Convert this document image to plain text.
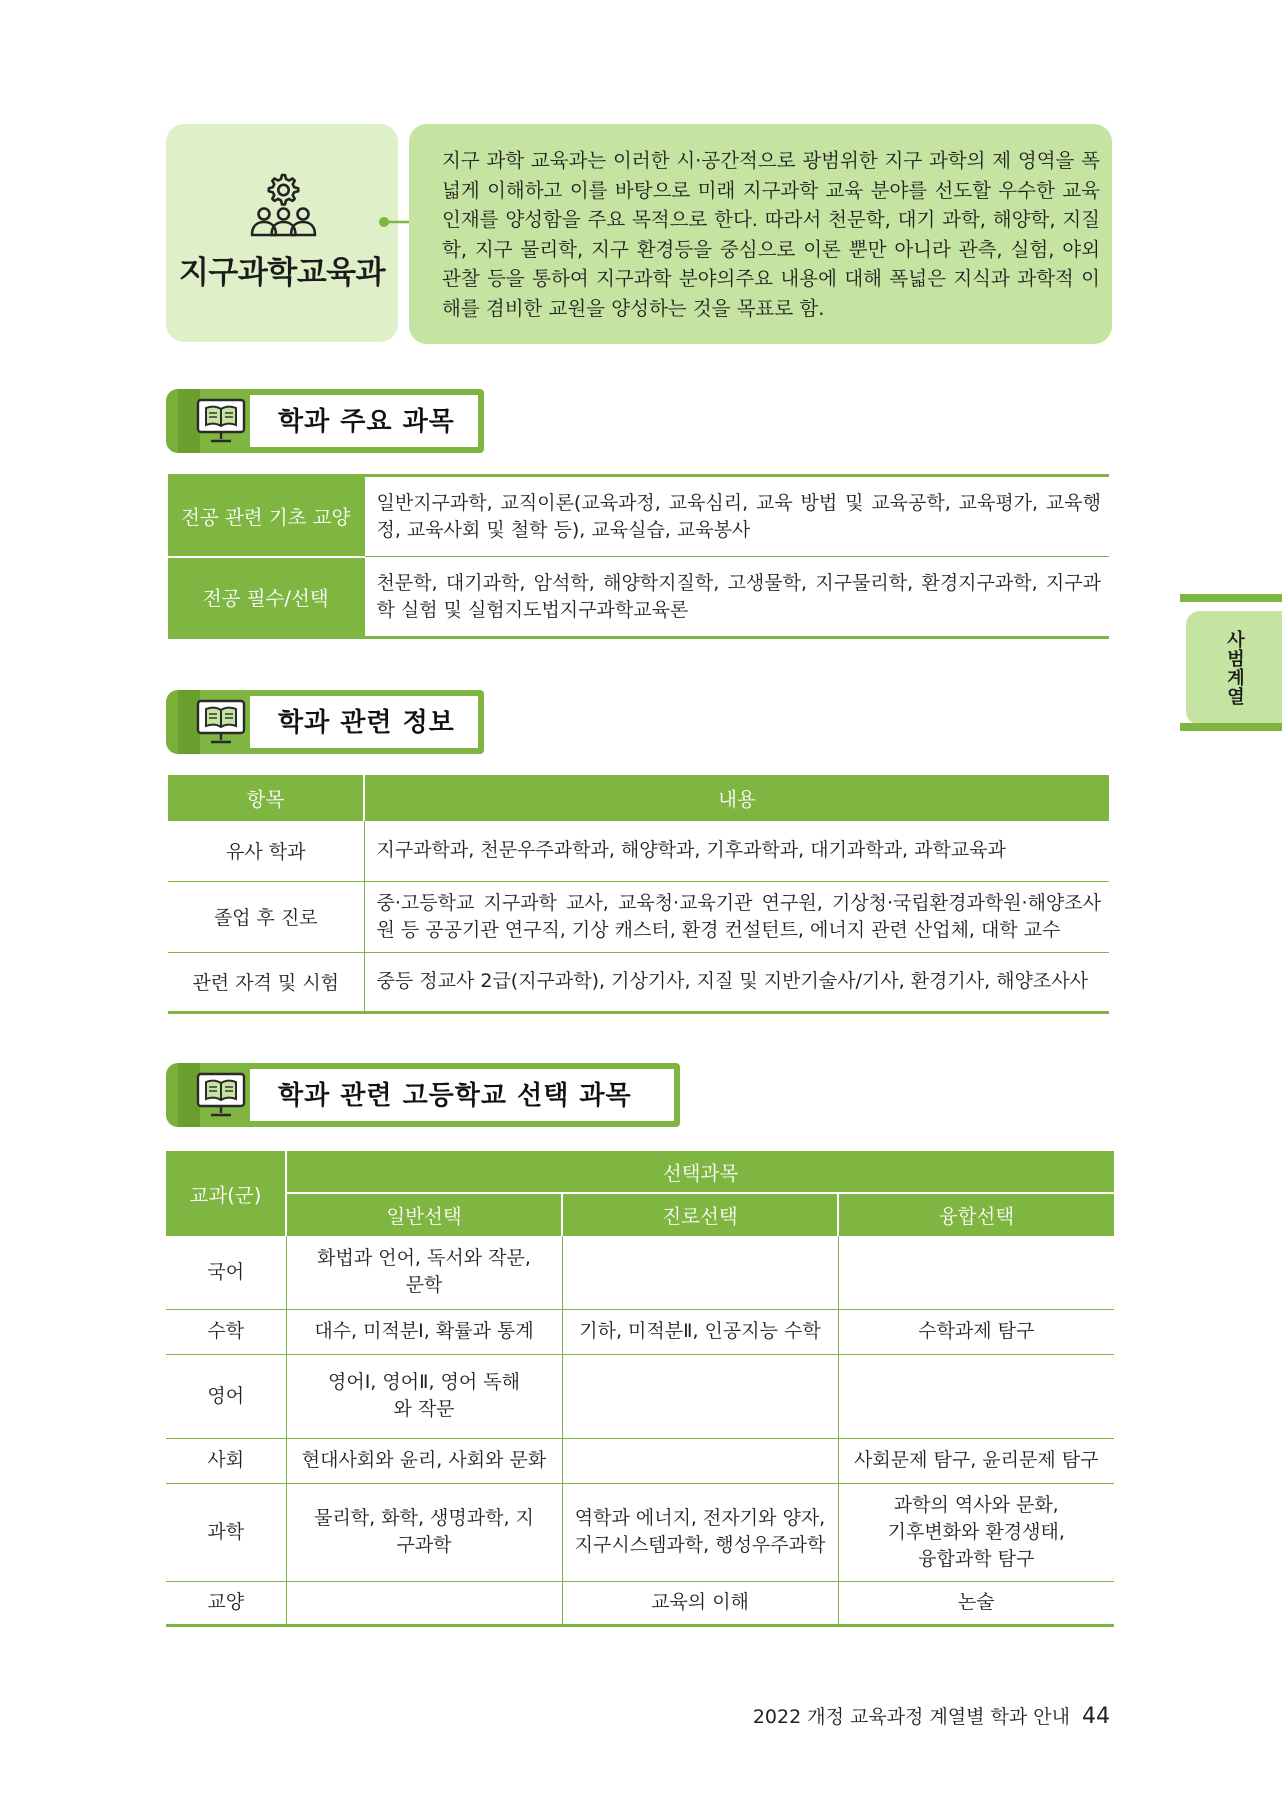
지구과학교육과
지구 과학 교육과는 이러한 시·공간적으로 광범위한 지구 과학의 제 영역을 폭 넓게 이해하고 이를 바탕으로 미래 지구과학 교육 분야를 선도할 우수한 교육 인재를 양성함을 주요 목적으로 한다. 따라서 천문학, 대기 과학, 해양학, 지질학, 지구 물리학, 지구 환경등을 중심으로 이론 뿐만 아니라 관측, 실험, 야외 관찰 등을 통하여 지구과학 분야의주요 내용에 대해 폭넓은 지식과 과학적 이해를 겸비한 교원을 양성하는 것을 목표로 함.
학과 주요 과목
전공 관련 기초 교양	일반지구과학, 교직이론(교육과정, 교육심리, 교육 방법 및 교육공학, 교육평가, 교육행정, 교육사회 및 철학 등), 교육실습, 교육봉사
전공 필수/선택	천문학, 대기과학, 암석학, 해양학지질학, 고생물학, 지구물리학, 환경지구과학, 지구과학 실험 및 실험지도법지구과학교육론
학과 관련 정보
항목	내용
유사 학과	지구과학과, 천문우주과학과, 해양학과, 기후과학과, 대기과학과, 과학교육과
졸업 후 진로	중·고등학교 지구과학 교사, 교육청·교육기관 연구원, 기상청·국립환경과학원·해양조사원 등 공공기관 연구직, 기상 캐스터, 환경 컨설턴트, 에너지 관련 산업체, 대학 교수
관련 자격 및 시험	중등 정교사 2급(지구과학), 기상기사, 지질 및 지반기술사/기사, 환경기사, 해양조사사
학과 관련 고등학교 선택 과목
교과(군)	선택과목		
	일반선택	진로선택	융합선택
국어	화법과 언어, 독서와 작문, 문학		
수학	대수, 미적분Ⅰ, 확률과 통계	기하, 미적분Ⅱ, 인공지능 수학	수학과제 탐구
영어	영어Ⅰ, 영어Ⅱ, 영어 독해와 작문		
사회	현대사회와 윤리, 사회와 문화		사회문제 탐구, 윤리문제 탐구
과학	물리학, 화학, 생명과학, 지구과학	역학과 에너지, 전자기와 양자, 지구시스템과학, 행성우주과학	과학의 역사와 문화, 기후변화와 환경생태, 융합과학 탐구
교양		교육의 이해	논술
사범계열
2022 개정 교육과정 계열별 학과 안내 44
